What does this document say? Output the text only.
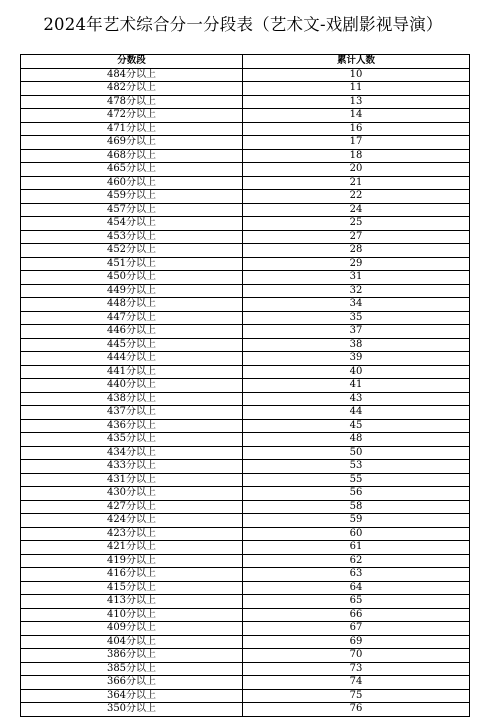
2024年艺术综合分一分段表（艺术文-戏剧影视导演）
分数段	累计人数
484分以上	10
482分以上	11
478分以上	13
472分以上	14
471分以上	16
469分以上	17
468分以上	18
465分以上	20
460分以上	21
459分以上	22
457分以上	24
454分以上	25
453分以上	27
452分以上	28
451分以上	29
450分以上	31
449分以上	32
448分以上	34
447分以上	35
446分以上	37
445分以上	38
444分以上	39
441分以上	40
440分以上	41
438分以上	43
437分以上	44
436分以上	45
435分以上	48
434分以上	50
433分以上	53
431分以上	55
430分以上	56
427分以上	58
424分以上	59
423分以上	60
421分以上	61
419分以上	62
416分以上	63
415分以上	64
413分以上	65
410分以上	66
409分以上	67
404分以上	69
386分以上	70
385分以上	73
366分以上	74
364分以上	75
350分以上	76
